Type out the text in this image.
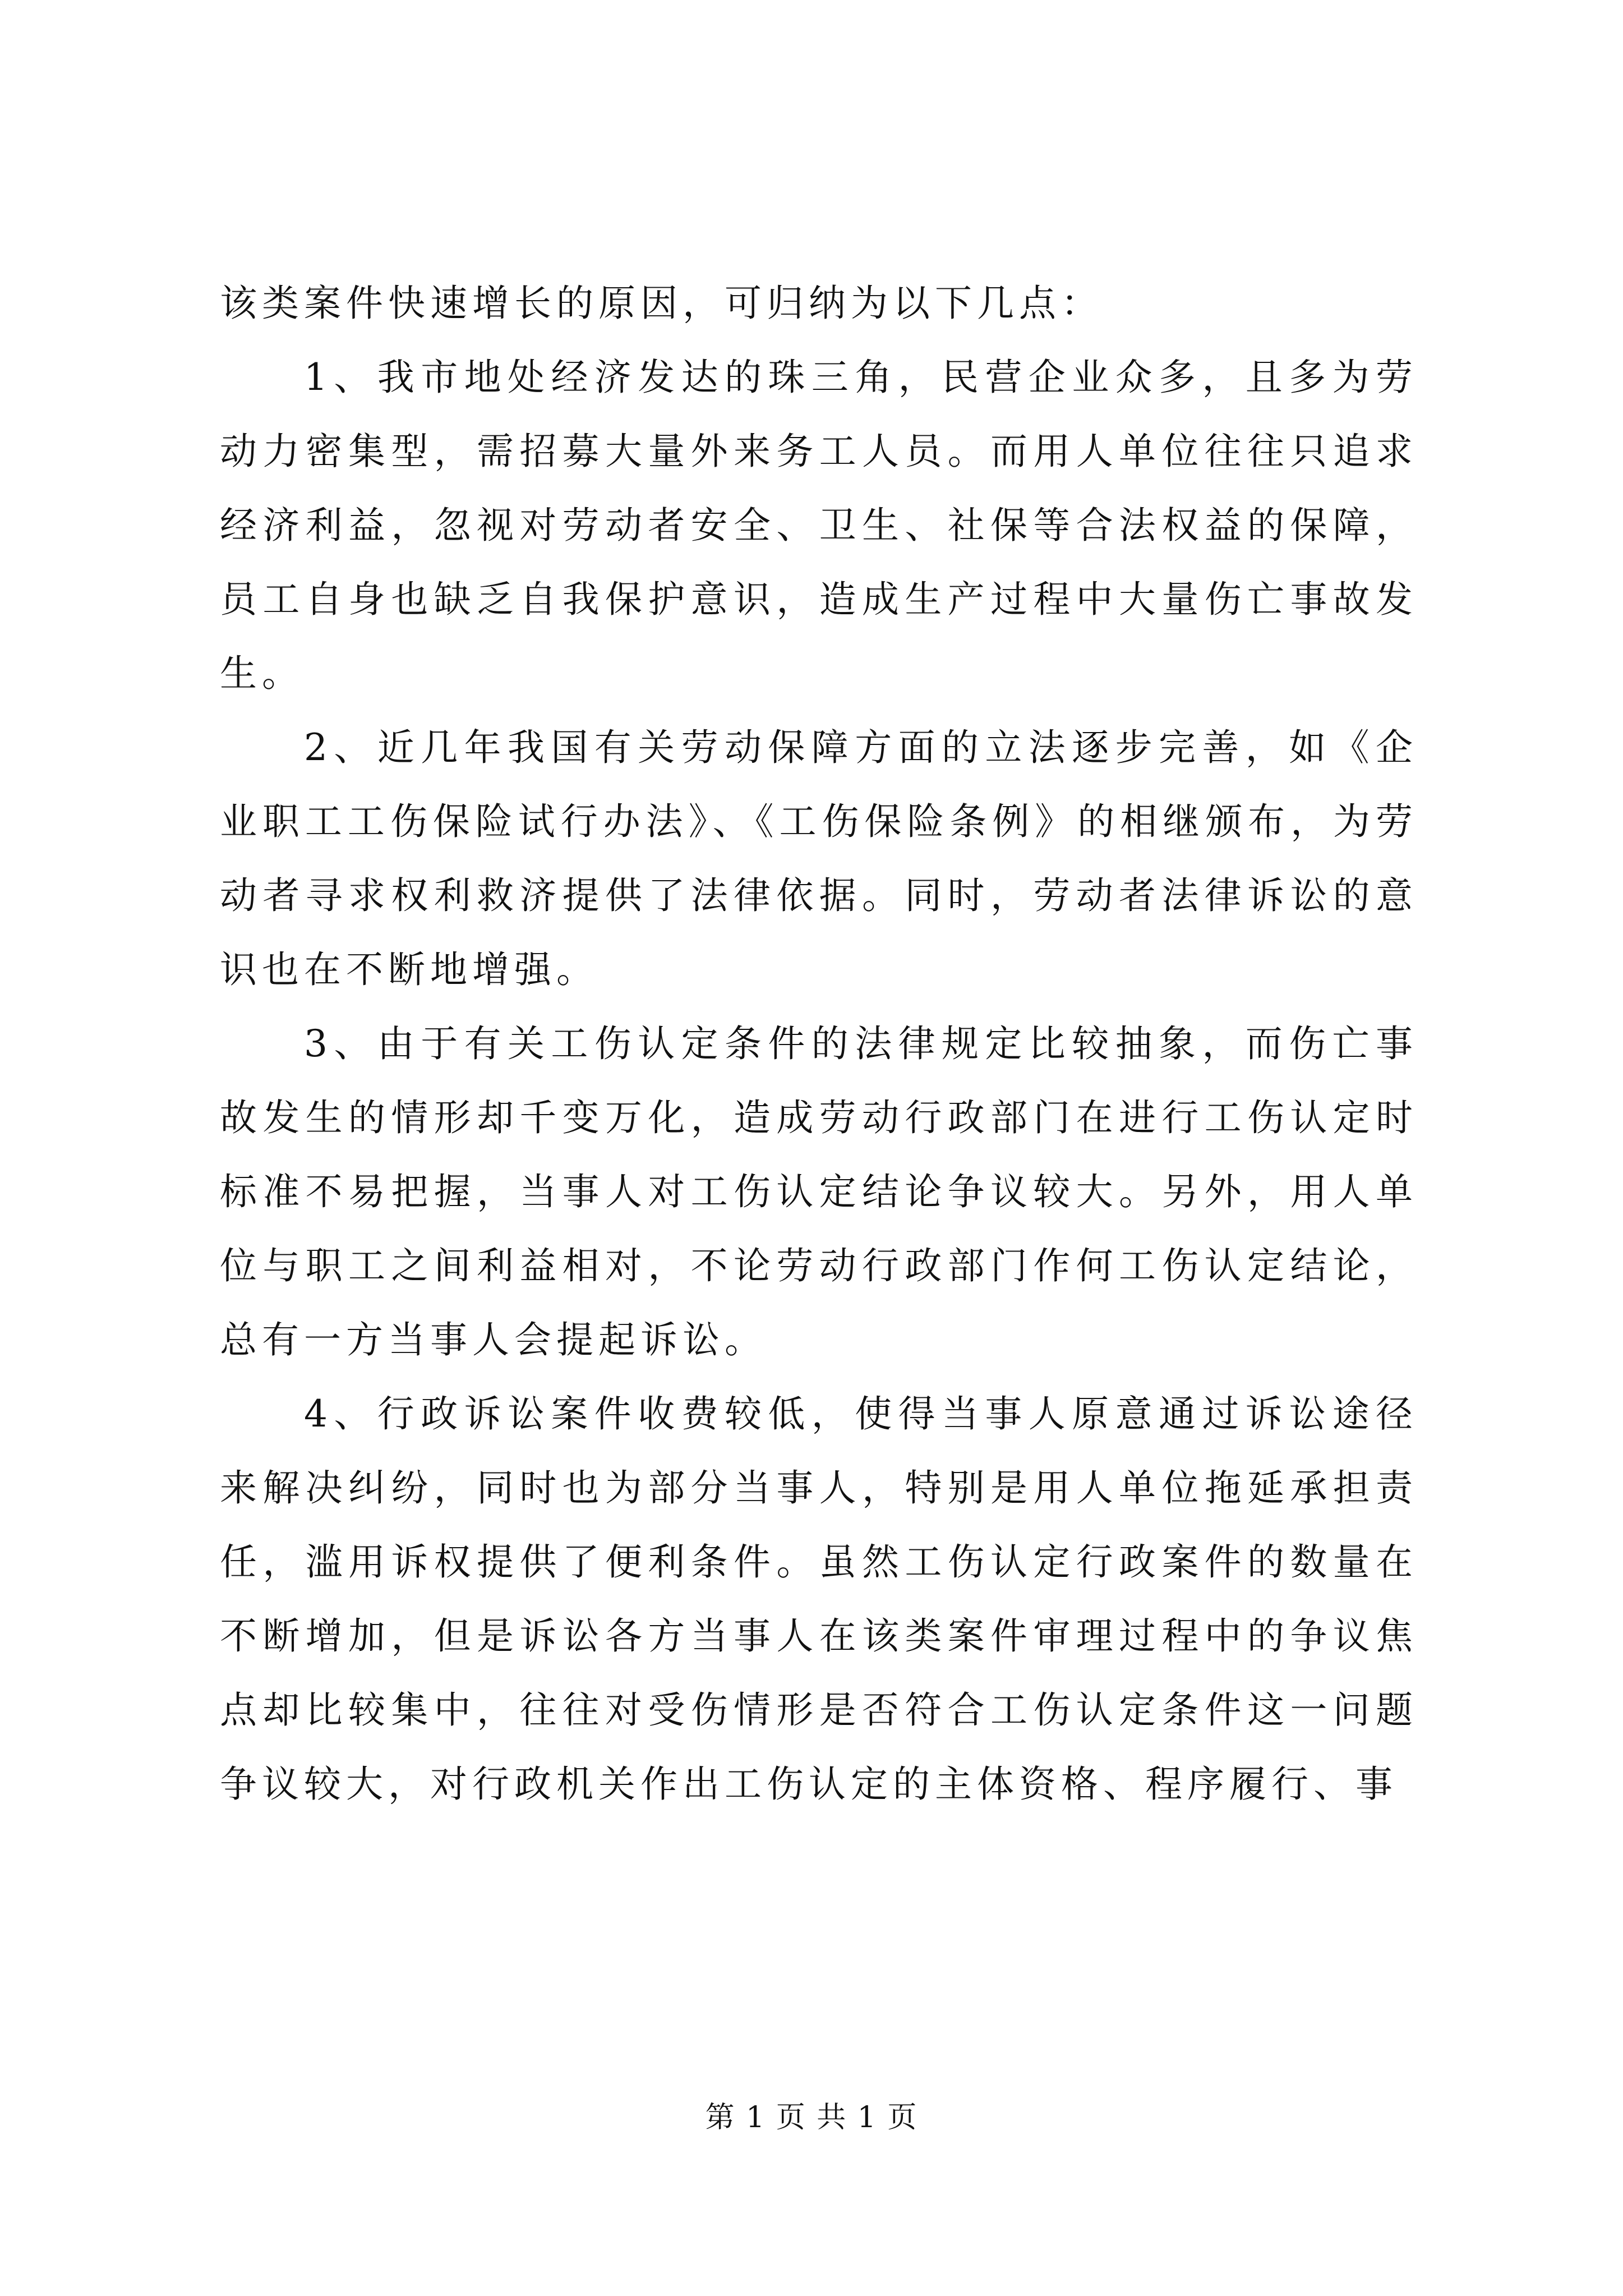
该类案件快速增长的原因，可归纳为以下几点：

1、我市地处经济发达的珠三角，民营企业众多，且多为劳动力密集型，需招募大量外来务工人员。而用人单位往往只追求经济利益，忽视对劳动者安全、卫生、社保等合法权益的保障，员工自身也缺乏自我保护意识，造成生产过程中大量伤亡事故发生。

2、近几年我国有关劳动保障方面的立法逐步完善，如《企业职工工伤保险试行办法》、《工伤保险条例》的相继颁布，为劳动者寻求权利救济提供了法律依据。同时，劳动者法律诉讼的意识也在不断地增强。

3、由于有关工伤认定条件的法律规定比较抽象，而伤亡事故发生的情形却千变万化，造成劳动行政部门在进行工伤认定时标准不易把握，当事人对工伤认定结论争议较大。另外，用人单位与职工之间利益相对，不论劳动行政部门作何工伤认定结论，总有一方当事人会提起诉讼。

4、行政诉讼案件收费较低，使得当事人原意通过诉讼途径来解决纠纷，同时也为部分当事人，特别是用人单位拖延承担责任，滥用诉权提供了便利条件。虽然工伤认定行政案件的数量在不断增加，但是诉讼各方当事人在该类案件审理过程中的争议焦点却比较集中，往往对受伤情形是否符合工伤认定条件这一问题争议较大，对行政机关作出工伤认定的主体资格、程序履行、事

第 1 页 共 1 页
